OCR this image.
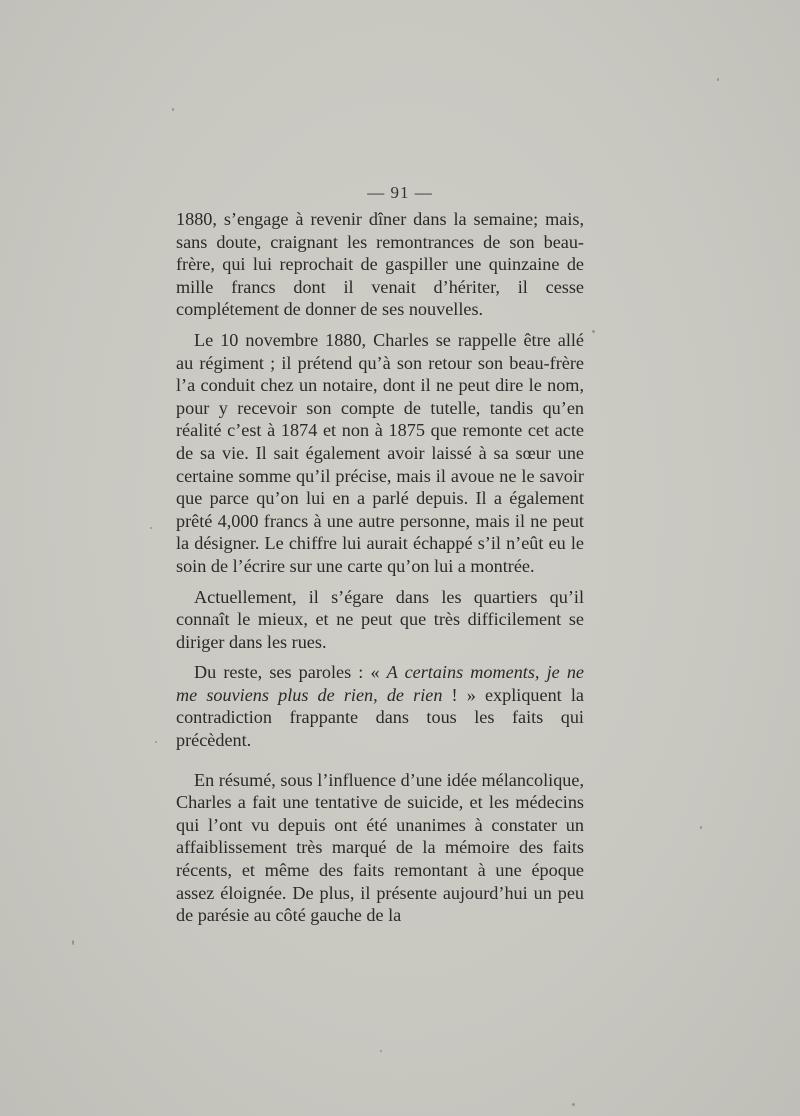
— 91 —

1880, s’engage à revenir dîner dans la semaine; mais, sans doute, craignant les remontrances de son beau-frère, qui lui reprochait de gaspiller une quinzaine de mille francs dont il venait d’hériter, il cesse complétement de donner de ses nouvelles.

Le 10 novembre 1880, Charles se rappelle être allé au régiment ; il prétend qu’à son retour son beau-frère l’a conduit chez un notaire, dont il ne peut dire le nom, pour y recevoir son compte de tutelle, tandis qu’en réalité c’est à 1874 et non à 1875 que remonte cet acte de sa vie. Il sait également avoir laissé à sa sœur une certaine somme qu’il précise, mais il avoue ne le savoir que parce qu’on lui en a parlé depuis. Il a également prêté 4,000 francs à une autre personne, mais il ne peut la désigner. Le chiffre lui aurait échappé s’il n’eût eu le soin de l’écrire sur une carte qu’on lui a montrée.

Actuellement, il s’égare dans les quartiers qu’il connaît le mieux, et ne peut que très difficilement se diriger dans les rues.

Du reste, ses paroles : « A certains moments, je ne me souviens plus de rien, de rien ! » expliquent la contradiction frappante dans tous les faits qui précèdent.

En résumé, sous l’influence d’une idée mélancolique, Charles a fait une tentative de suicide, et les médecins qui l’ont vu depuis ont été unanimes à constater un affaiblissement très marqué de la mémoire des faits récents, et même des faits remontant à une époque assez éloignée. De plus, il présente aujourd’hui un peu de parésie au côté gauche de la
